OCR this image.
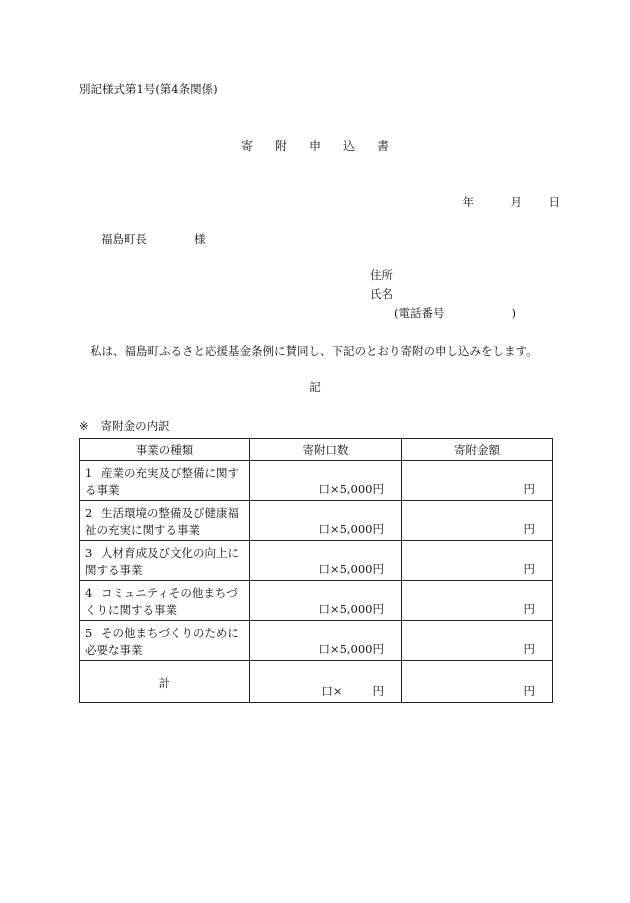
別記様式第1号(第4条関係)
寄 附 申 込 書
年	月 日
福島町長	様
住所
氏名
(電話番号	)
私は、福島町ふるさと応援基金条例に賛同し、下記のとおり寄附の申し込みをします。
記
※ 寄附金の内訳
事業の種類	寄附口数	寄附金額
1 産業の充実及び整備に関する事業	口×5,000円	円
2 生活環境の整備及び健康福祉の充実に関する事業	口×5,000円	円
3 人材育成及び文化の向上に関する事業	口×5,000円	円
4 コミュニティその他まちづくりに関する事業	口×5,000円	円
5 その他まちづくりのために必要な事業	口×5,000円	円
計	口× 円	円
